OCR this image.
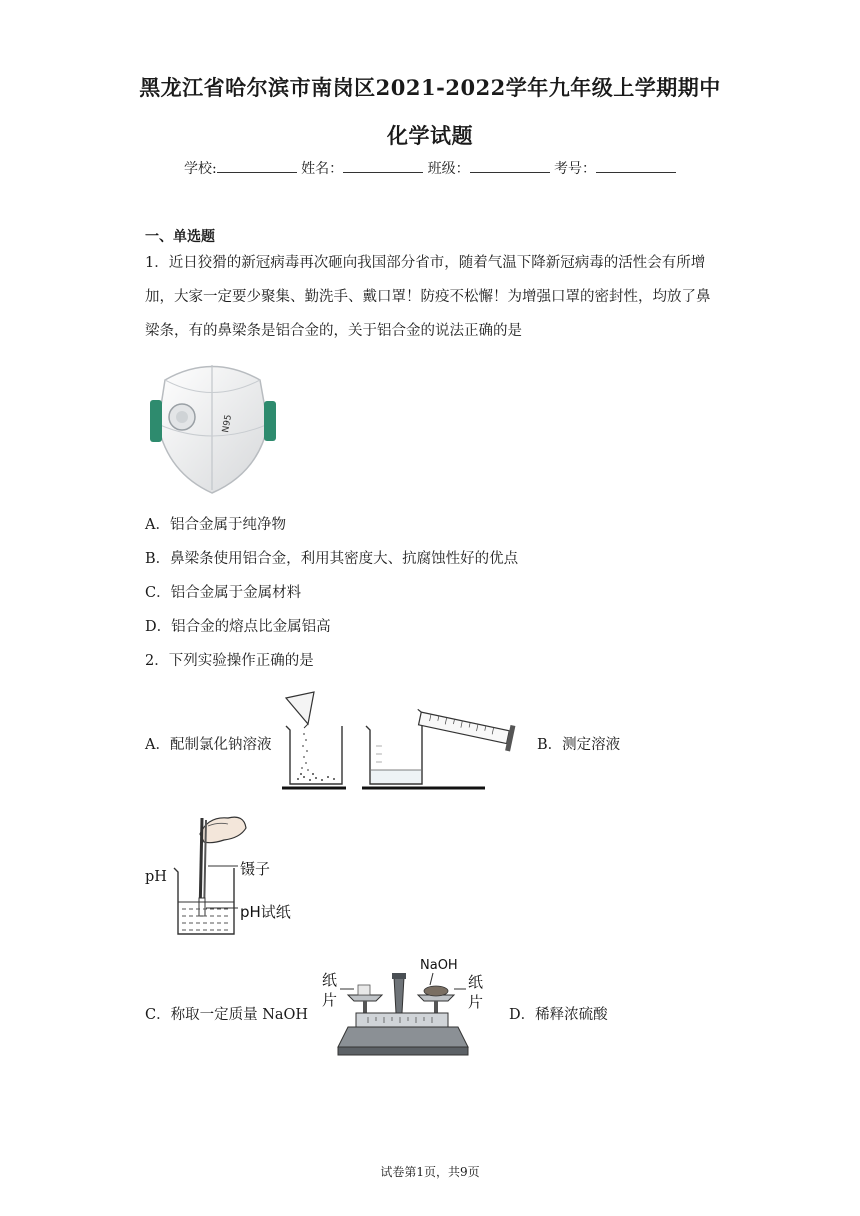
黑龙江省哈尔滨市南岗区2021-2022学年九年级上学期期中
化学试题
学校:	姓名：	班级：	考号：
一、单选题
1．近日狡猾的新冠病毒再次砸向我国部分省市，随着气温下降新冠病毒的活性会有所增加，大家一定要少聚集、勤洗手、戴口罩！防疫不松懈！为增强口罩的密封性，均放了鼻梁条，有的鼻梁条是铝合金的，关于铝合金的说法正确的是
N95
A．铝合金属于纯净物
B．鼻梁条使用铝合金，利用其密度大、抗腐蚀性好的优点
C．铝合金属于金属材料
D．铝合金的熔点比金属铝高
2．下列实验操作正确的是
A．配制氯化钠溶液	B．测定溶液
pH	镊子
pH试纸
C．称取一定质量 NaOH
NaOH
纸
片
纸
片
D．稀释浓硫酸
试卷第1页，共9页
